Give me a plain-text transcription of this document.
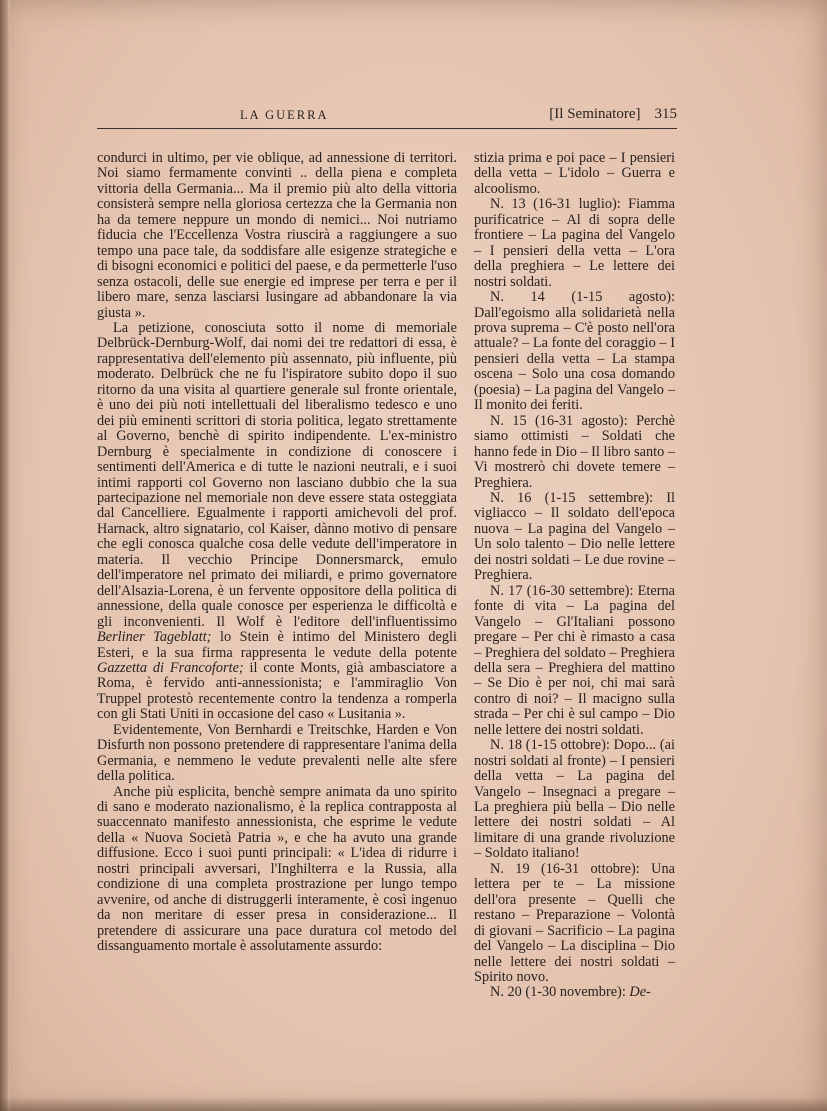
LA GUERRA	[Il Seminatore] 315

condurci in ultimo, per vie oblique, ad annessione di territori. Noi siamo fermamente convinti .. della piena e completa vittoria della Germania... Ma il premio più alto della vittoria consisterà sempre nella gloriosa certezza che la Germania non ha da temere neppure un mondo di nemici... Noi nutriamo fiducia che l'Eccellenza Vostra riuscirà a raggiungere a suo tempo una pace tale, da soddisfare alle esigenze strategiche e di bisogni economici e politici del paese, e da permetterle l'uso senza ostacoli, delle sue energie ed imprese per terra e per il libero mare, senza lasciarsi lusingare ad abbandonare la via giusta ».

La petizione, conosciuta sotto il nome di memoriale Delbrück-Dernburg-Wolf, dai nomi dei tre redattori di essa, è rappresentativa dell'elemento più assennato, più influente, più moderato. Delbrück che ne fu l'ispiratore subito dopo il suo ritorno da una visita al quartiere generale sul fronte orientale, è uno dei più noti intellettuali del liberalismo tedesco e uno dei più eminenti scrittori di storia politica, legato strettamente al Governo, benchè di spirito indipendente. L'ex-ministro Dernburg è specialmente in condizione di conoscere i sentimenti dell'America e di tutte le nazioni neutrali, e i suoi intimi rapporti col Governo non lasciano dubbio che la sua partecipazione nel memoriale non deve essere stata osteggiata dal Cancelliere. Egualmente i rapporti amichevoli del prof. Harnack, altro signatario, col Kaiser, dànno motivo di pensare che egli conosca qualche cosa delle vedute dell'imperatore in materia. Il vecchio Principe Donnersmarck, emulo dell'imperatore nel primato dei miliardi, e primo governatore dell'Alsazia-Lorena, è un fervente oppositore della politica di annessione, della quale conosce per esperienza le difficoltà e gli inconvenienti. Il Wolf è l'editore dell'influentissimo Berliner Tageblatt; lo Stein è intimo del Ministero degli Esteri, e la sua firma rappresenta le vedute della potente Gazzetta di Francoforte; il conte Monts, già ambasciatore a Roma, è fervido anti-annessionista; e l'ammiraglio Von Truppel protestò recentemente contro la tendenza a romperla con gli Stati Uniti in occasione del caso « Lusitania ».

Evidentemente, Von Bernhardi e Treitschke, Harden e Von Disfurth non possono pretendere di rappresentare l'anima della Germania, e nemmeno le vedute prevalenti nelle alte sfere della politica.

Anche più esplicita, benchè sempre animata da uno spirito di sano e moderato nazionalismo, è la replica contrapposta al suaccennato manifesto annessionista, che esprime le vedute della « Nuova Società Patria », e che ha avuto una grande diffusione. Ecco i suoi punti principali: « L'idea di ridurre i nostri principali avversari, l'Inghilterra e la Russia, alla condizione di una completa prostrazione per lungo tempo avvenire, od anche di distruggerli interamente, è così ingenuo da non meritare di esser presa in considerazione... Il pretendere di assicurare una pace duratura col metodo del dissanguamento mortale è assolutamente assurdo:

stizia prima e poi pace – I pensieri della vetta – L'idolo – Guerra e alcoolismo.

N. 13 (16-31 luglio): Fiamma purificatrice – Al di sopra delle frontiere – La pagina del Vangelo – I pensieri della vetta – L'ora della preghiera – Le lettere dei nostri soldati.

N. 14 (1-15 agosto): Dall'egoismo alla solidarietà nella prova suprema – C'è posto nell'ora attuale? – La fonte del coraggio – I pensieri della vetta – La stampa oscena – Solo una cosa domando (poesia) – La pagina del Vangelo – Il monito dei feriti.

N. 15 (16-31 agosto): Perchè siamo ottimisti – Soldati che hanno fede in Dio – Il libro santo – Vi mostrerò chi dovete temere – Preghiera.

N. 16 (1-15 settembre): Il vigliacco – Il soldato dell'epoca nuova – La pagina del Vangelo – Un solo talento – Dio nelle lettere dei nostri soldati – Le due rovine – Preghiera.

N. 17 (16-30 settembre): Eterna fonte di vita – La pagina del Vangelo – Gl'Italiani possono pregare – Per chi è rimasto a casa – Preghiera del soldato – Preghiera della sera – Preghiera del mattino – Se Dio è per noi, chi mai sarà contro di noi? – Il macigno sulla strada – Per chi è sul campo – Dio nelle lettere dei nostri soldati.

N. 18 (1-15 ottobre): Dopo... (ai nostri soldati al fronte) – I pensieri della vetta – La pagina del Vangelo – Insegnaci a pregare – La preghiera più bella – Dio nelle lettere dei nostri soldati – Al limitare di una grande rivoluzione – Soldato italiano!

N. 19 (16-31 ottobre): Una lettera per te – La missione dell'ora presente – Quelli che restano – Preparazione – Volontà di giovani – Sacrificio – La pagina del Vangelo – La disciplina – Dio nelle lettere dei nostri soldati – Spirito novo.

N. 20 (1-30 novembre): De-
